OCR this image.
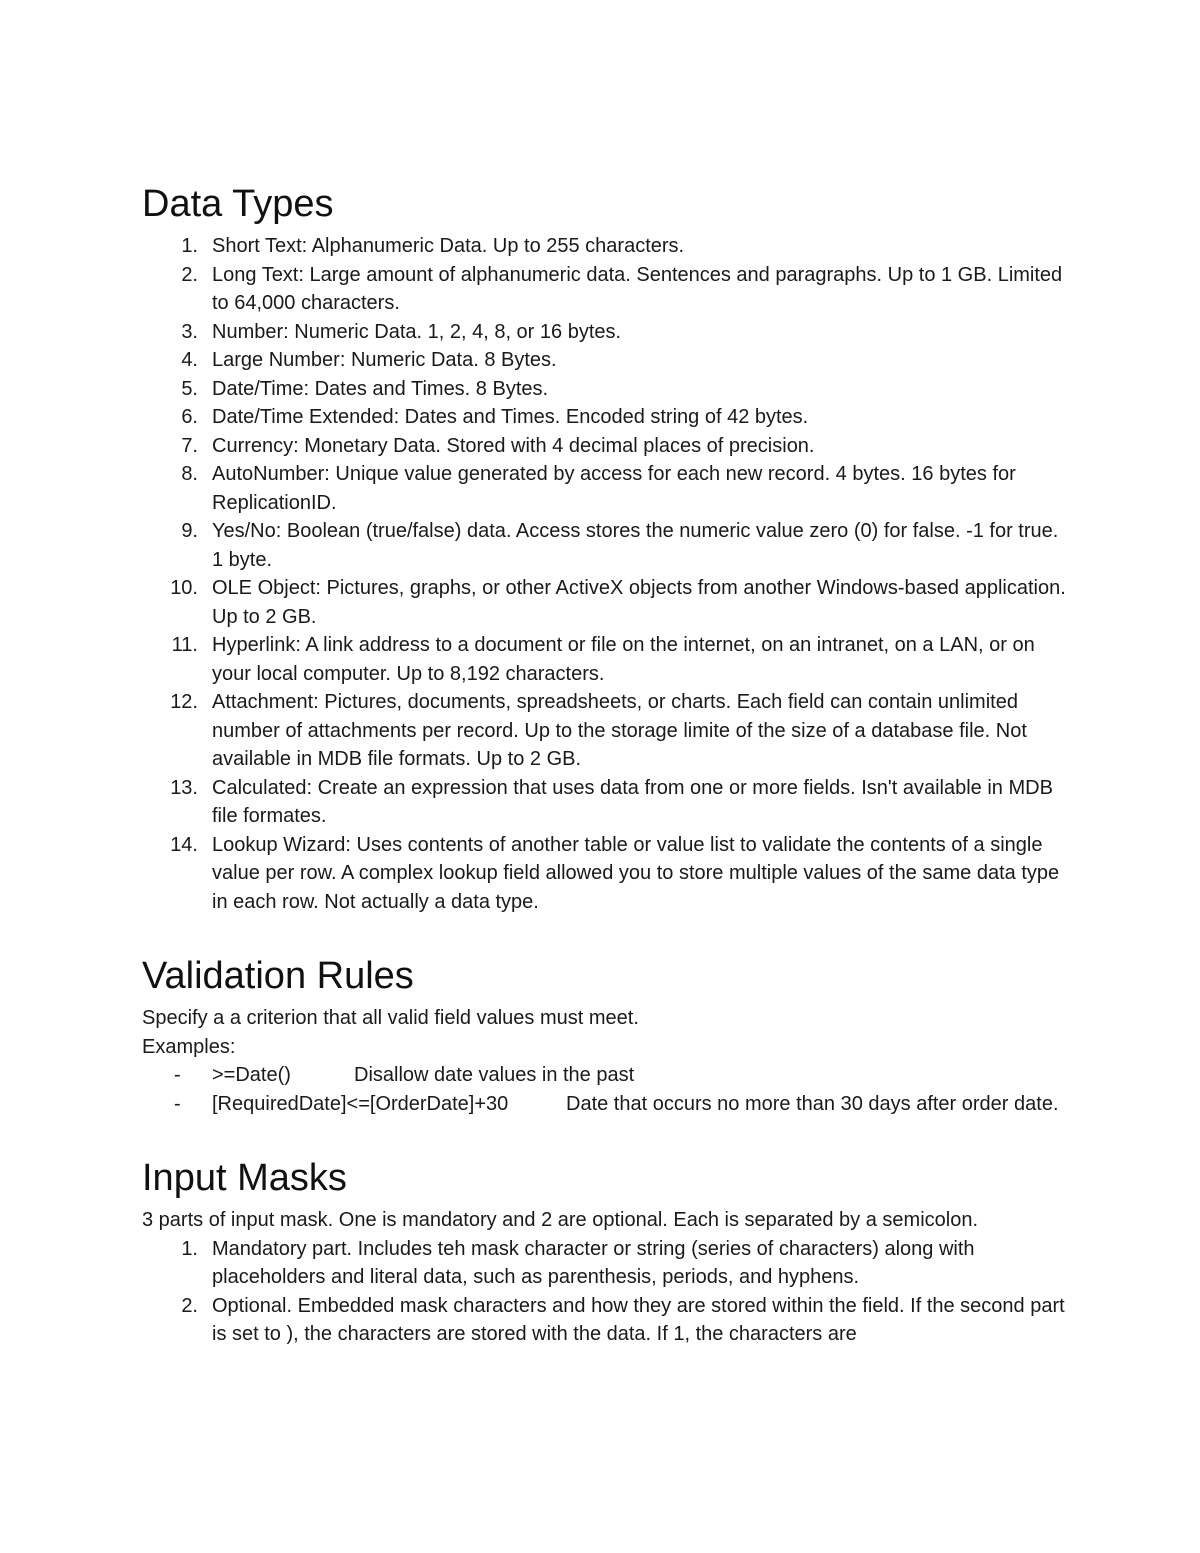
Data Types
1. Short Text: Alphanumeric Data. Up to 255 characters.
2. Long Text: Large amount of alphanumeric data. Sentences and paragraphs. Up to 1 GB. Limited to 64,000 characters.
3. Number: Numeric Data. 1, 2, 4, 8, or 16 bytes.
4. Large Number: Numeric Data. 8 Bytes.
5. Date/Time: Dates and Times. 8 Bytes.
6. Date/Time Extended: Dates and Times. Encoded string of 42 bytes.
7. Currency: Monetary Data. Stored with 4 decimal places of precision.
8. AutoNumber: Unique value generated by access for each new record. 4 bytes. 16 bytes for ReplicationID.
9. Yes/No: Boolean (true/false) data. Access stores the numeric value zero (0) for false. -1 for true. 1 byte.
10. OLE Object: Pictures, graphs, or other ActiveX objects from another Windows-based application. Up to 2 GB.
11. Hyperlink: A link address to a document or file on the internet, on an intranet, on a LAN, or on your local computer. Up to 8,192 characters.
12. Attachment: Pictures, documents, spreadsheets, or charts. Each field can contain unlimited number of attachments per record. Up to the storage limite of the size of a database file. Not available in MDB file formats. Up to 2 GB.
13. Calculated: Create an expression that uses data from one or more fields. Isn't available in MDB file formates.
14. Lookup Wizard: Uses contents of another table or value list to validate the contents of a single value per row. A complex lookup field allowed you to store multiple values of the same data type in each row. Not actually a data type.
Validation Rules
Specify a a criterion that all valid field values must meet.
Examples:
- >=Date()	Disallow date values in the past
- [RequiredDate]<=[OrderDate]+30	Date that occurs no more than 30 days after order date.
Input Masks
3 parts of input mask. One is mandatory and 2 are optional. Each is separated by a semicolon.
1. Mandatory part. Includes teh mask character or string (series of characters) along with placeholders and literal data, such as parenthesis, periods, and hyphens.
2. Optional. Embedded mask characters and how they are stored within the field. If the second part is set to ), the characters are stored with the data. If 1, the characters are
